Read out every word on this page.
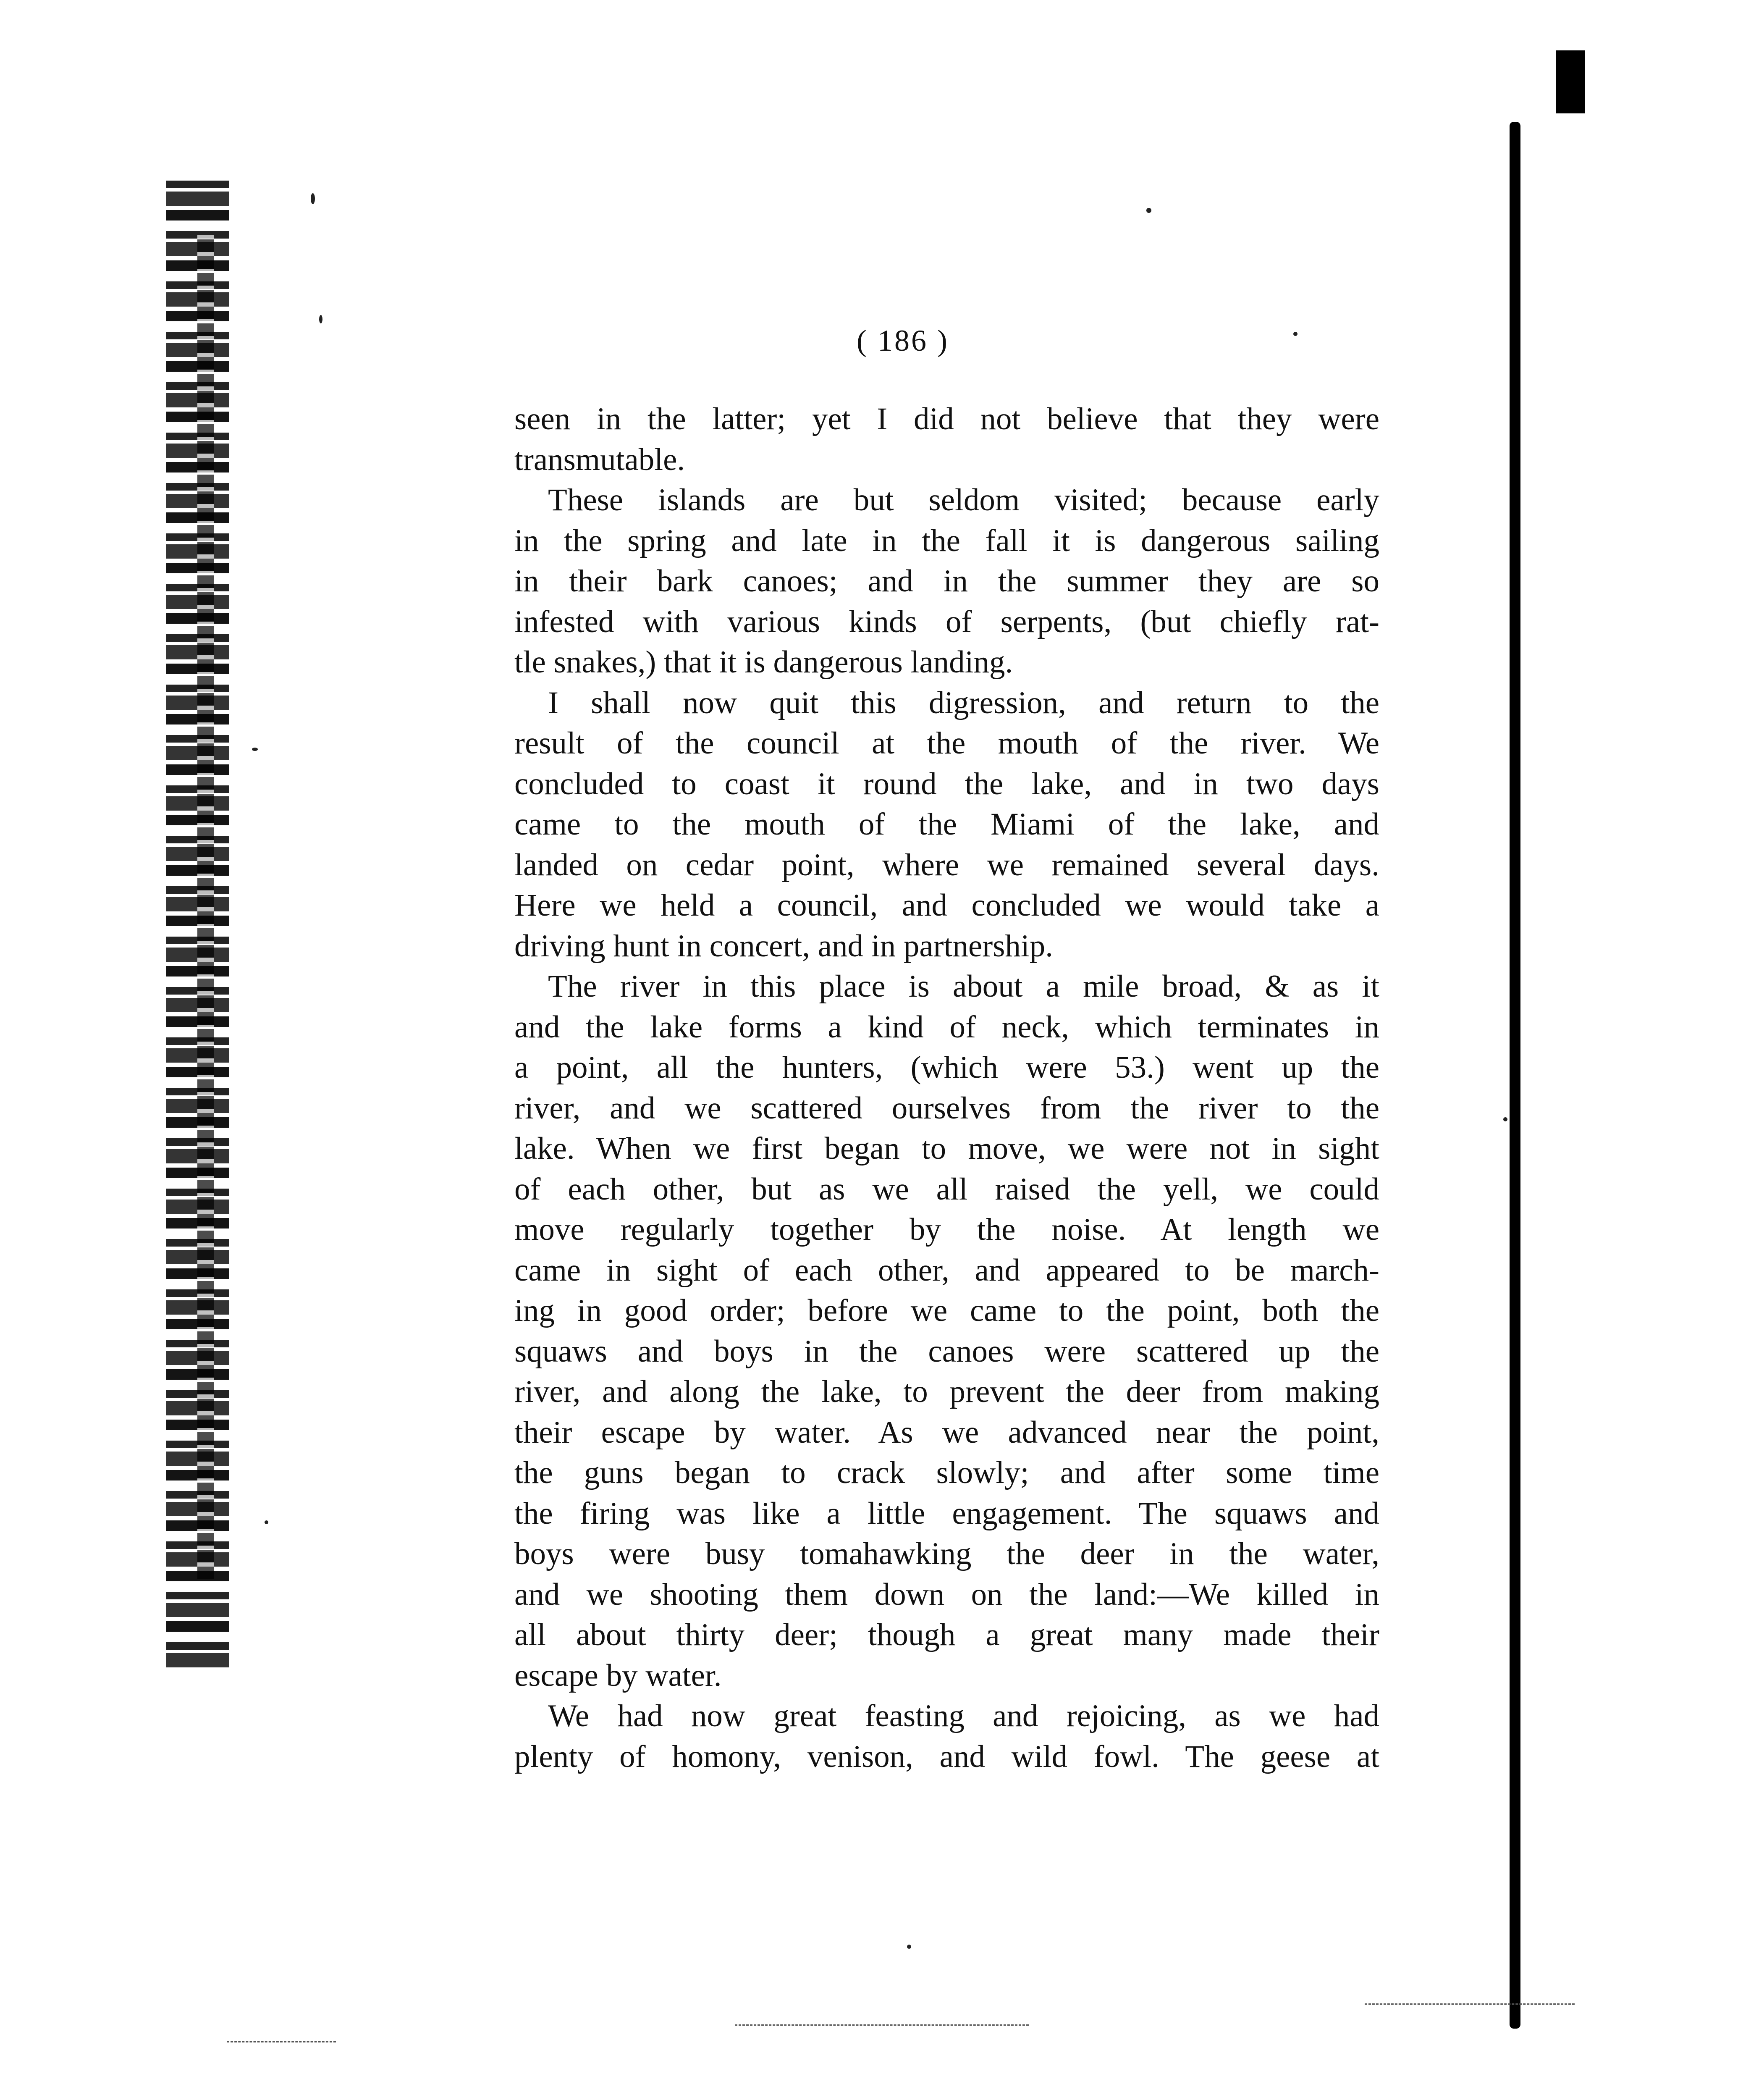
( 186 )
seen in the latter; yet I did not believe that they were
transmutable.
These islands are but seldom visited; because early
in the spring and late in the fall it is dangerous sailing
in their bark canoes; and in the summer they are so
infested with various kinds of serpents, (but chiefly rat-
tle snakes,) that it is dangerous landing.
I shall now quit this digression, and return to the
result of the council at the mouth of the river. We
concluded to coast it round the lake, and in two days
came to the mouth of the Miami of the lake, and
landed on cedar point, where we remained several days.
Here we held a council, and concluded we would take a
driving hunt in concert, and in partnership.
The river in this place is about a mile broad, & as it
and the lake forms a kind of neck, which terminates in
a point, all the hunters, (which were 53.) went up the
river, and we scattered ourselves from the river to the
lake. When we first began to move, we were not in sight
of each other, but as we all raised the yell, we could
move regularly together by the noise. At length we
came in sight of each other, and appeared to be march-
ing in good order; before we came to the point, both the
squaws and boys in the canoes were scattered up the
river, and along the lake, to prevent the deer from making
their escape by water. As we advanced near the point,
the guns began to crack slowly; and after some time
the firing was like a little engagement. The squaws and
boys were busy tomahawking the deer in the water,
and we shooting them down on the land:—We killed in
all about thirty deer; though a great many made their
escape by water.
We had now great feasting and rejoicing, as we had
plenty of homony, venison, and wild fowl. The geese at
